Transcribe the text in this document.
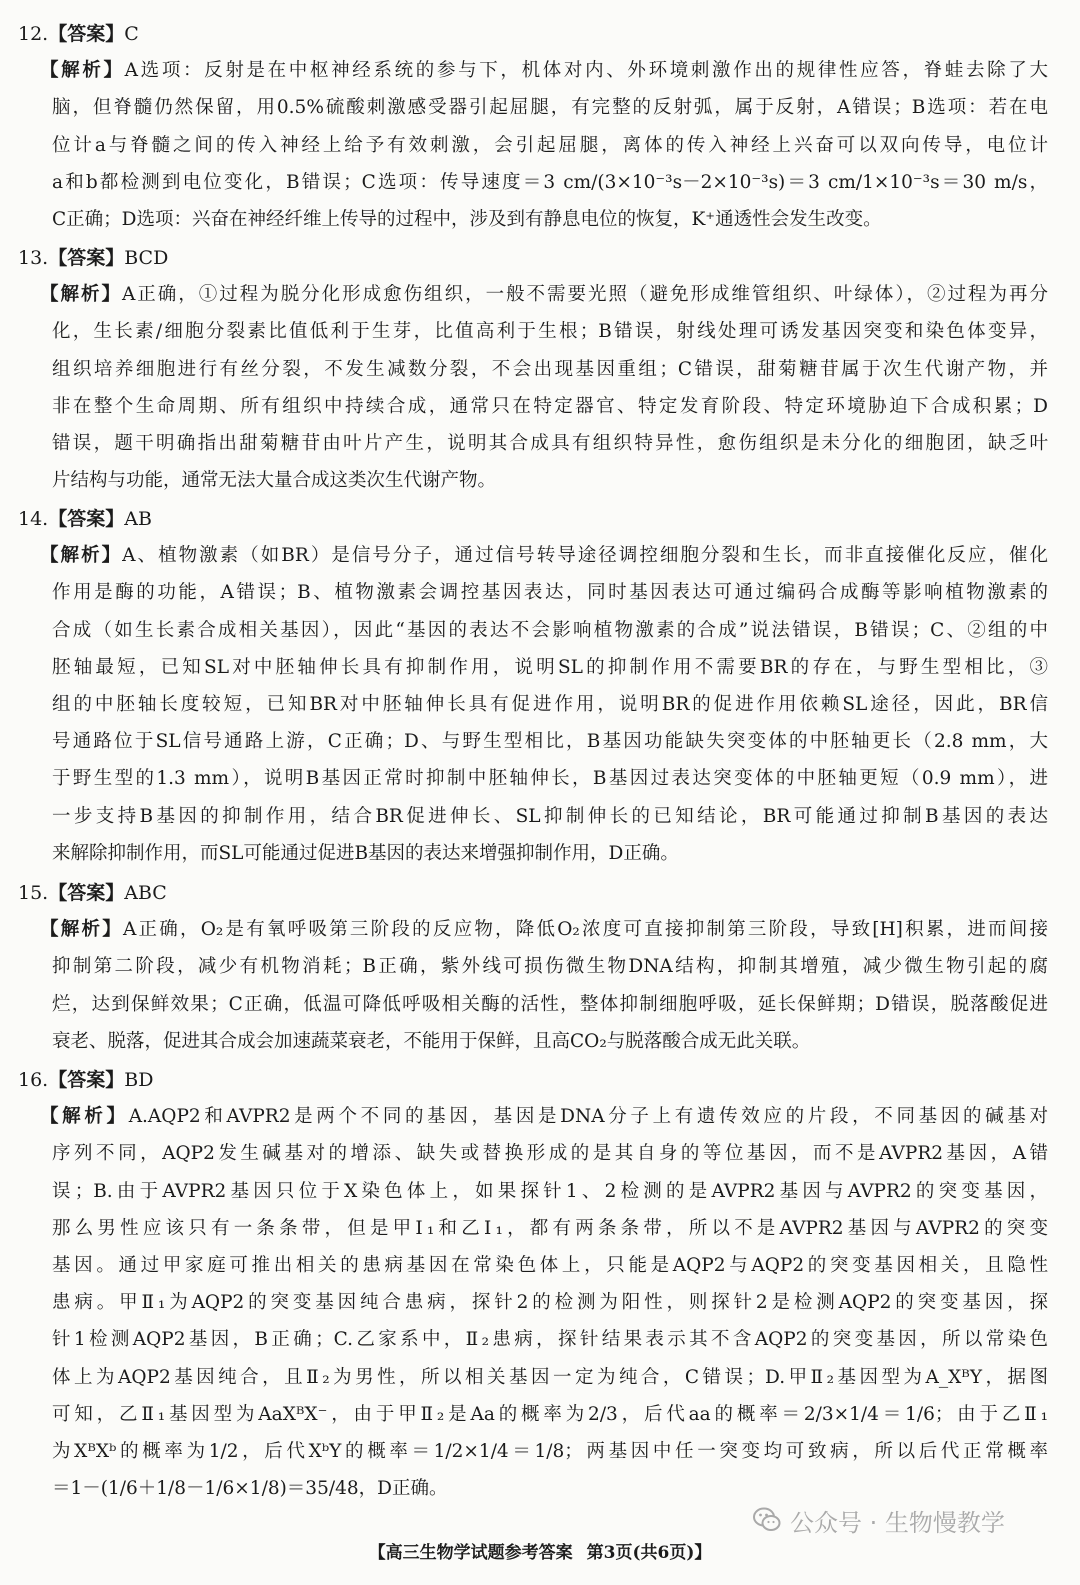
12.【答案】C
【解析】A选项：反射是在中枢神经系统的参与下，机体对内、外环境刺激作出的规律性应答，脊蛙去除了大
脑，但脊髓仍然保留，用0.5%硫酸刺激感受器引起屈腿，有完整的反射弧，属于反射，A错误；B选项：若在电
位计a与脊髓之间的传入神经上给予有效刺激，会引起屈腿，离体的传入神经上兴奋可以双向传导，电位计
a和b都检测到电位变化，B错误；C选项：传导速度＝3 cm/(3×10⁻³s－2×10⁻³s)＝3 cm/1×10⁻³s＝30 m/s，
C正确；D选项：兴奋在神经纤维上传导的过程中，涉及到有静息电位的恢复，K⁺通透性会发生改变。
13.【答案】BCD
【解析】A正确，①过程为脱分化形成愈伤组织，一般不需要光照（避免形成维管组织、叶绿体），②过程为再分
化，生长素/细胞分裂素比值低利于生芽，比值高利于生根；B错误，射线处理可诱发基因突变和染色体变异，
组织培养细胞进行有丝分裂，不发生减数分裂，不会出现基因重组；C错误，甜菊糖苷属于次生代谢产物，并
非在整个生命周期、所有组织中持续合成，通常只在特定器官、特定发育阶段、特定环境胁迫下合成积累；D
错误，题干明确指出甜菊糖苷由叶片产生，说明其合成具有组织特异性，愈伤组织是未分化的细胞团，缺乏叶
片结构与功能，通常无法大量合成这类次生代谢产物。
14.【答案】AB
【解析】A、植物激素（如BR）是信号分子，通过信号转导途径调控细胞分裂和生长，而非直接催化反应，催化
作用是酶的功能，A错误；B、植物激素会调控基因表达，同时基因表达可通过编码合成酶等影响植物激素的
合成（如生长素合成相关基因），因此“基因的表达不会影响植物激素的合成”说法错误，B错误；C、②组的中
胚轴最短，已知SL对中胚轴伸长具有抑制作用，说明SL的抑制作用不需要BR的存在，与野生型相比，③
组的中胚轴长度较短，已知BR对中胚轴伸长具有促进作用，说明BR的促进作用依赖SL途径，因此，BR信
号通路位于SL信号通路上游，C正确；D、与野生型相比，B基因功能缺失突变体的中胚轴更长（2.8 mm，大
于野生型的1.3 mm），说明B基因正常时抑制中胚轴伸长，B基因过表达突变体的中胚轴更短（0.9 mm），进
一步支持B基因的抑制作用，结合BR促进伸长、SL抑制伸长的已知结论，BR可能通过抑制B基因的表达
来解除抑制作用，而SL可能通过促进B基因的表达来增强抑制作用，D正确。
15.【答案】ABC
【解析】A正确，O₂是有氧呼吸第三阶段的反应物，降低O₂浓度可直接抑制第三阶段，导致[H]积累，进而间接
抑制第二阶段，减少有机物消耗；B正确，紫外线可损伤微生物DNA结构，抑制其增殖，减少微生物引起的腐
烂，达到保鲜效果；C正确，低温可降低呼吸相关酶的活性，整体抑制细胞呼吸，延长保鲜期；D错误，脱落酸促进
衰老、脱落，促进其合成会加速蔬菜衰老，不能用于保鲜，且高CO₂与脱落酸合成无此关联。
16.【答案】BD
【解析】A.AQP2和AVPR2是两个不同的基因，基因是DNA分子上有遗传效应的片段，不同基因的碱基对
序列不同，AQP2发生碱基对的增添、缺失或替换形成的是其自身的等位基因，而不是AVPR2基因，A错
误；B.由于AVPR2基因只位于X染色体上，如果探针1、2检测的是AVPR2基因与AVPR2的突变基因，
那么男性应该只有一条条带，但是甲Ⅰ₁和乙Ⅰ₁，都有两条条带，所以不是AVPR2基因与AVPR2的突变
基因。通过甲家庭可推出相关的患病基因在常染色体上，只能是AQP2与AQP2的突变基因相关，且隐性
患病。甲Ⅱ₁为AQP2的突变基因纯合患病，探针2的检测为阳性，则探针2是检测AQP2的突变基因，探
针1检测AQP2基因，B正确；C.乙家系中，Ⅱ₂患病，探针结果表示其不含AQP2的突变基因，所以常染色
体上为AQP2基因纯合，且Ⅱ₂为男性，所以相关基因一定为纯合，C错误；D.甲Ⅱ₂基因型为A_XᴮY，据图
可知，乙Ⅱ₁基因型为AaXᴮX⁻，由于甲Ⅱ₂是Aa的概率为2/3，后代aa的概率＝2/3×1/4＝1/6；由于乙Ⅱ₁
为XᴮXᵇ的概率为1/2，后代XᵇY的概率＝1/2×1/4＝1/8；两基因中任一突变均可致病，所以后代正常概率
＝1－(1/6＋1/8－1/6×1/8)＝35/48，D正确。
【高三生物学试题参考答案 第3页(共6页)】
公众号 · 生物慢教学
